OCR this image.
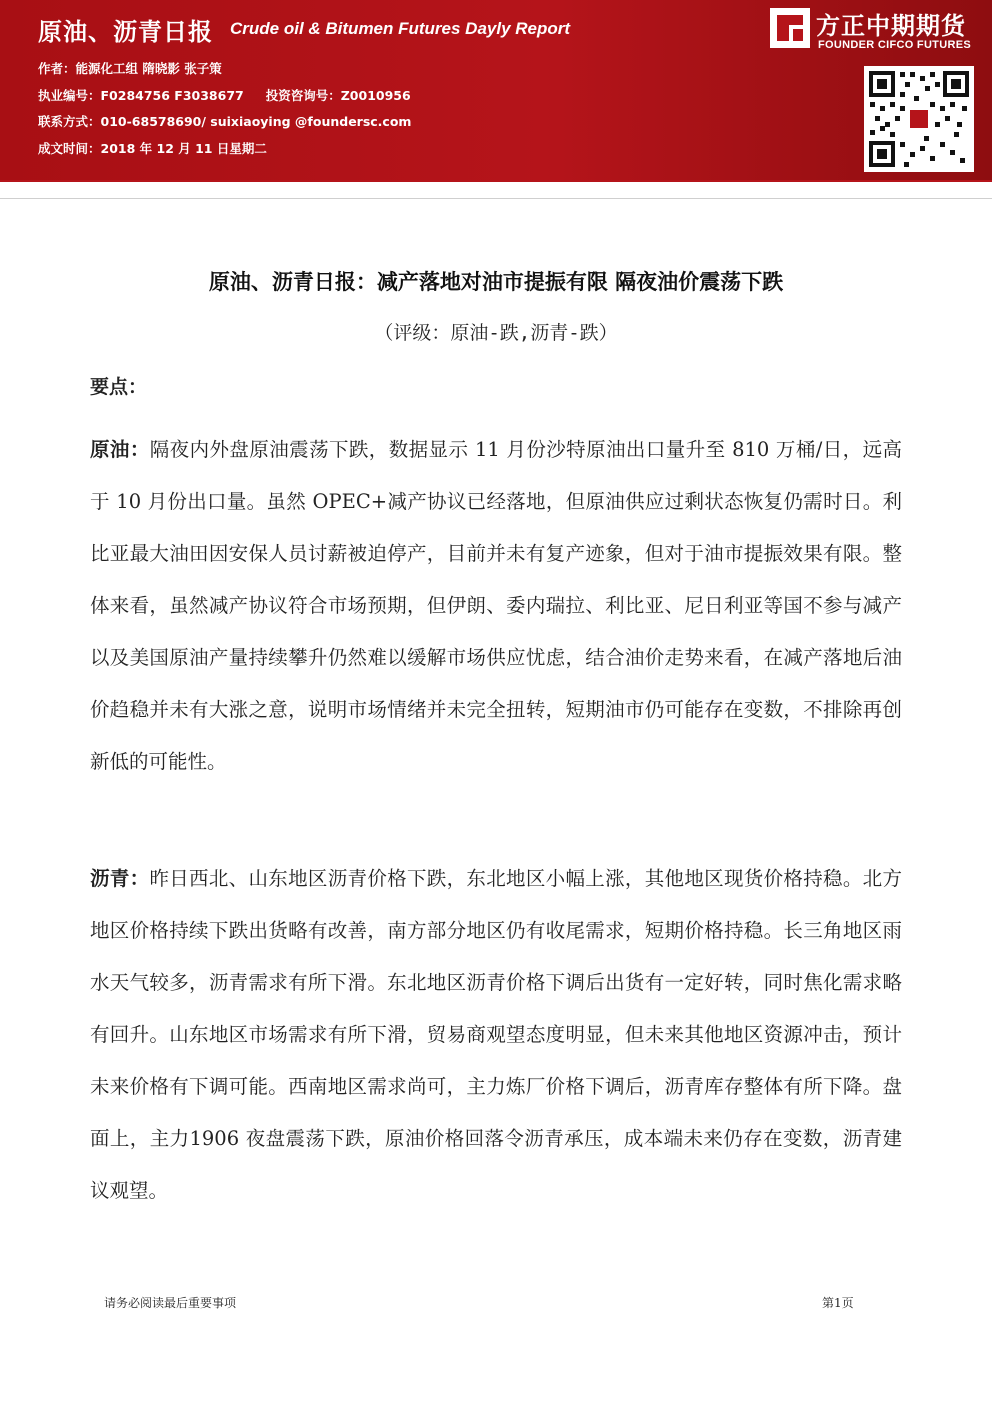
原油、沥青日报 Crude oil & Bitumen Futures Dayly Report
作者：能源化工组 隋晓影 张子策
执业编号：F0284756 F3038677 投资咨询号：Z0010956
联系方式：010-68578690/ suixiaoying @foundersc.com
成文时间：2018 年 12 月 11 日星期二
方正中期期货
FOUNDER CIFCO FUTURES
原油、沥青日报：减产落地对油市提振有限 隔夜油价震荡下跌
（评级：原油-跌,沥青-跌）
要点：
原油：隔夜内外盘原油震荡下跌，数据显示 11 月份沙特原油出口量升至 810 万桶/日，远高于 10 月份出口量。虽然 OPEC+减产协议已经落地，但原油供应过剩状态恢复仍需时日。利比亚最大油田因安保人员讨薪被迫停产，目前并未有复产迹象，但对于油市提振效果有限。整体来看，虽然减产协议符合市场预期，但伊朗、委内瑞拉、利比亚、尼日利亚等国不参与减产以及美国原油产量持续攀升仍然难以缓解市场供应忧虑，结合油价走势来看，在减产落地后油价趋稳并未有大涨之意，说明市场情绪并未完全扭转，短期油市仍可能存在变数，不排除再创新低的可能性。
沥青：昨日西北、山东地区沥青价格下跌，东北地区小幅上涨，其他地区现货价格持稳。北方地区价格持续下跌出货略有改善，南方部分地区仍有收尾需求，短期价格持稳。长三角地区雨水天气较多，沥青需求有所下滑。东北地区沥青价格下调后出货有一定好转，同时焦化需求略有回升。山东地区市场需求有所下滑，贸易商观望态度明显，但未来其他地区资源冲击，预计未来价格有下调可能。西南地区需求尚可，主力炼厂价格下调后，沥青库存整体有所下降。盘面上，主力1906 夜盘震荡下跌，原油价格回落令沥青承压，成本端未来仍存在变数，沥青建议观望。
请务必阅读最后重要事项	第1页
